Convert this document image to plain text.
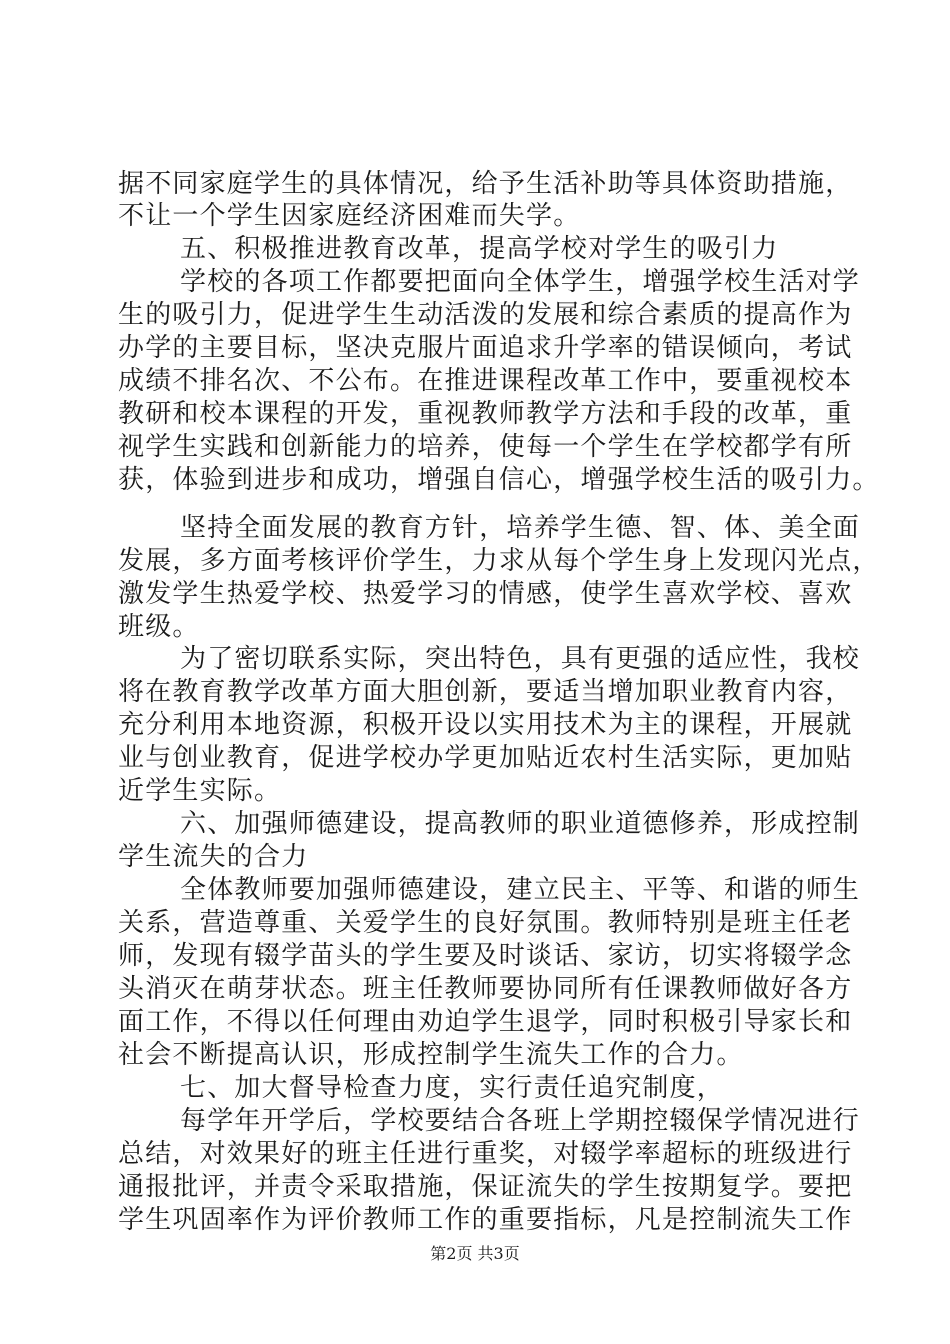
据不同家庭学生的具体情况，给予生活补助等具体资助措施，
不让一个学生因家庭经济困难而失学。
五、积极推进教育改革，提高学校对学生的吸引力
学校的各项工作都要把面向全体学生，增强学校生活对学
生的吸引力，促进学生生动活泼的发展和综合素质的提高作为
办学的主要目标，坚决克服片面追求升学率的错误倾向，考试
成绩不排名次、不公布。在推进课程改革工作中，要重视校本
教研和校本课程的开发，重视教师教学方法和手段的改革，重
视学生实践和创新能力的培养，使每一个学生在学校都学有所
获，体验到进步和成功，增强自信心，增强学校生活的吸引力。
坚持全面发展的教育方针，培养学生德、智、体、美全面
发展，多方面考核评价学生，力求从每个学生身上发现闪光点，
激发学生热爱学校、热爱学习的情感，使学生喜欢学校、喜欢
班级。
为了密切联系实际，突出特色，具有更强的适应性，我校
将在教育教学改革方面大胆创新，要适当增加职业教育内容，
充分利用本地资源，积极开设以实用技术为主的课程，开展就
业与创业教育，促进学校办学更加贴近农村生活实际，更加贴
近学生实际。
六、加强师德建设，提高教师的职业道德修养，形成控制
学生流失的合力
全体教师要加强师德建设，建立民主、平等、和谐的师生
关系，营造尊重、关爱学生的良好氛围。教师特别是班主任老
师，发现有辍学苗头的学生要及时谈话、家访，切实将辍学念
头消灭在萌芽状态。班主任教师要协同所有任课教师做好各方
面工作，不得以任何理由劝迫学生退学，同时积极引导家长和
社会不断提高认识，形成控制学生流失工作的合力。
七、加大督导检查力度，实行责任追究制度，
每学年开学后，学校要结合各班上学期控辍保学情况进行
总结，对效果好的班主任进行重奖，对辍学率超标的班级进行
通报批评，并责令采取措施，保证流失的学生按期复学。要把
学生巩固率作为评价教师工作的重要指标，凡是控制流失工作
第2页 共3页
